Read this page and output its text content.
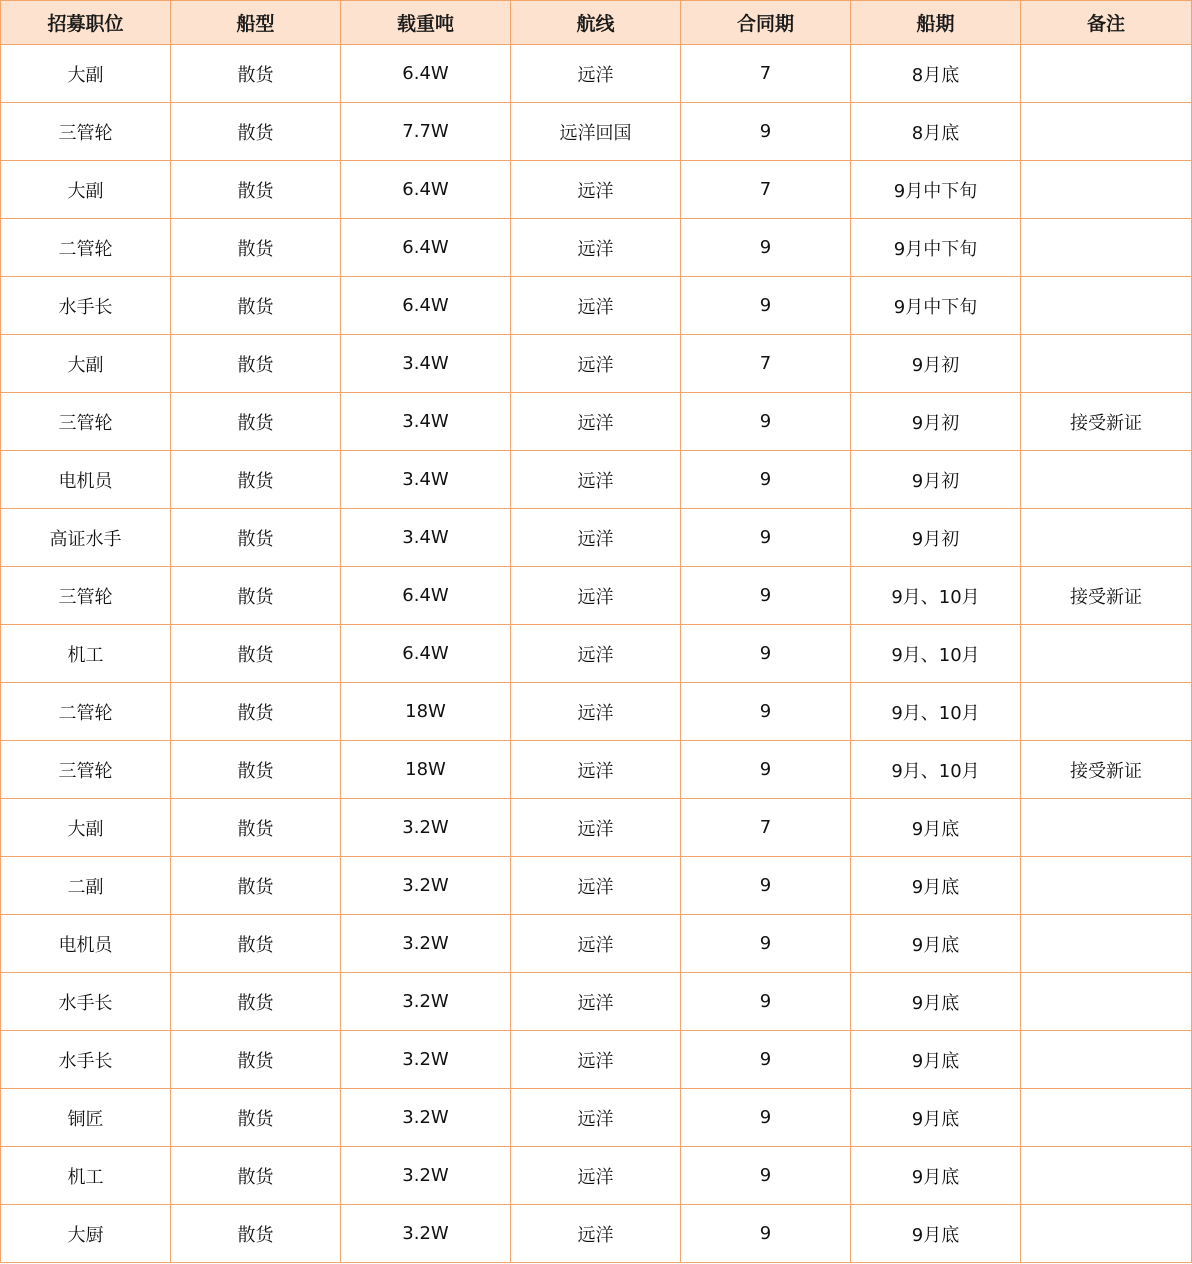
招募职位	船型	载重吨	航线	合同期	船期	备注
大副	散货	6.4W	远洋	7	8月底	
三管轮	散货	7.7W	远洋回国	9	8月底	
大副	散货	6.4W	远洋	7	9月中下旬	
二管轮	散货	6.4W	远洋	9	9月中下旬	
水手长	散货	6.4W	远洋	9	9月中下旬	
大副	散货	3.4W	远洋	7	9月初	
三管轮	散货	3.4W	远洋	9	9月初	接受新证
电机员	散货	3.4W	远洋	9	9月初	
高证水手	散货	3.4W	远洋	9	9月初	
三管轮	散货	6.4W	远洋	9	9月、10月	接受新证
机工	散货	6.4W	远洋	9	9月、10月	
二管轮	散货	18W	远洋	9	9月、10月	
三管轮	散货	18W	远洋	9	9月、10月	接受新证
大副	散货	3.2W	远洋	7	9月底	
二副	散货	3.2W	远洋	9	9月底	
电机员	散货	3.2W	远洋	9	9月底	
水手长	散货	3.2W	远洋	9	9月底	
水手长	散货	3.2W	远洋	9	9月底	
铜匠	散货	3.2W	远洋	9	9月底	
机工	散货	3.2W	远洋	9	9月底	
大厨	散货	3.2W	远洋	9	9月底	
